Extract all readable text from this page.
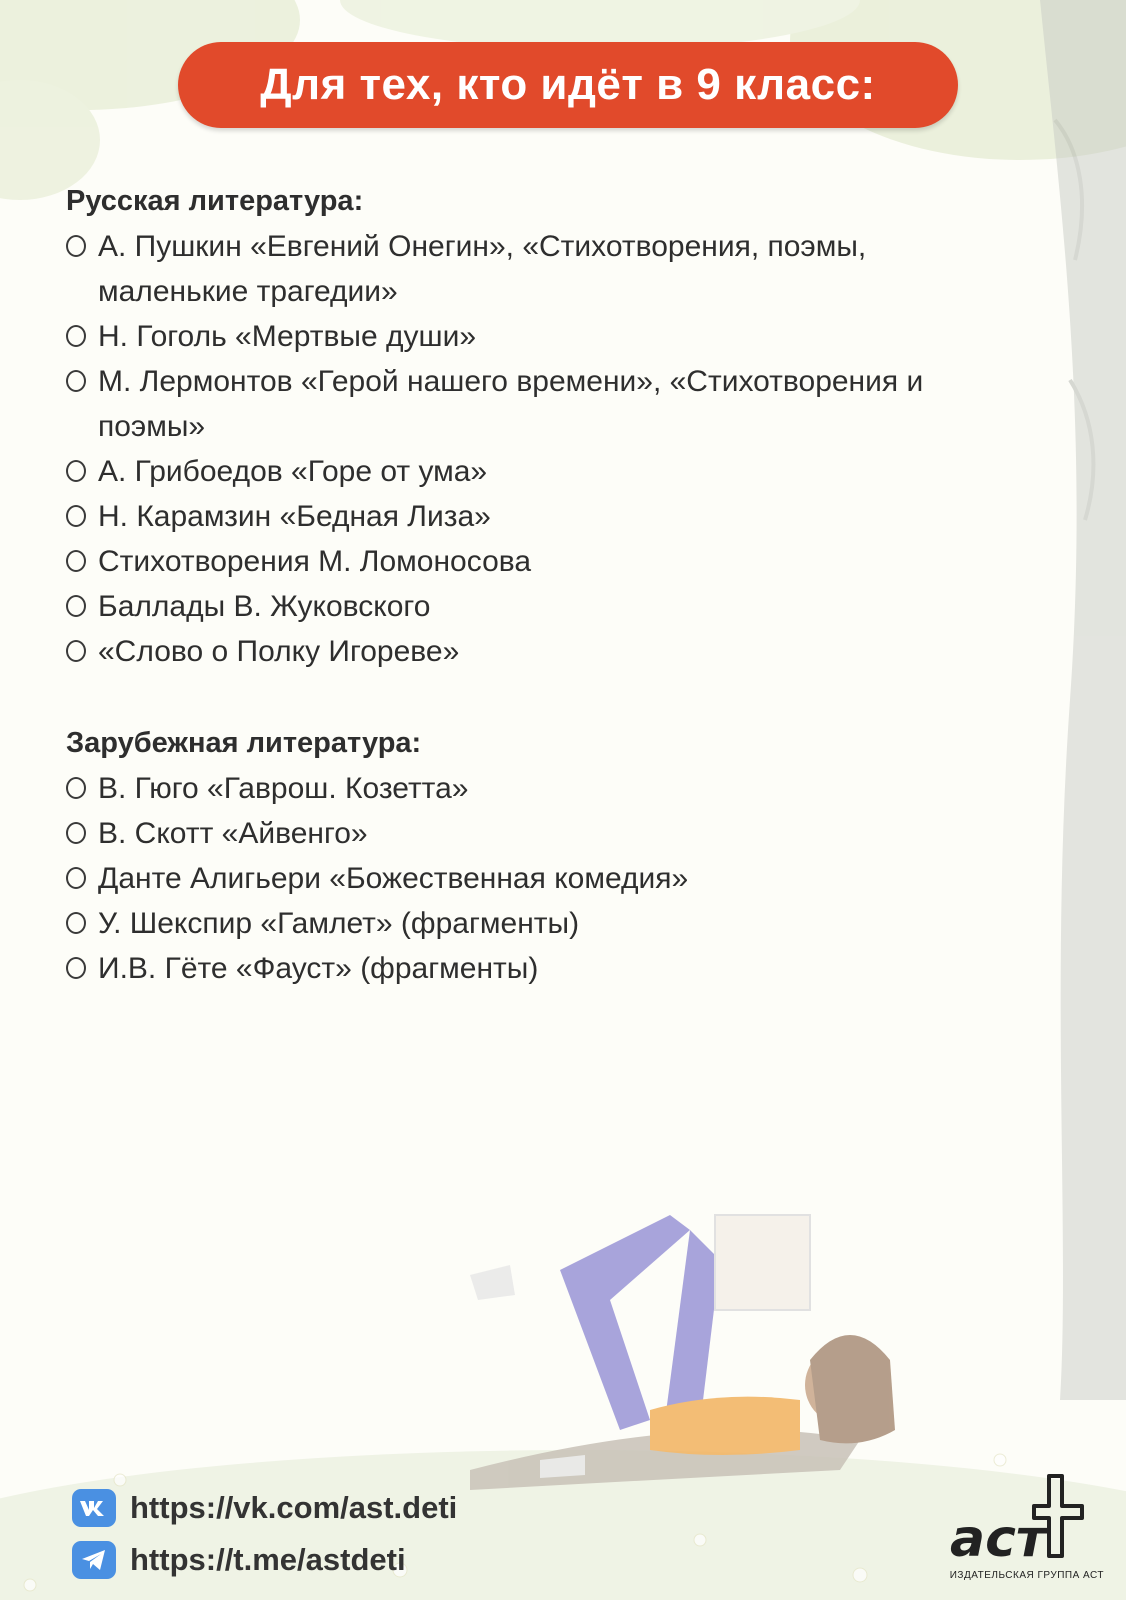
Для тех, кто идёт в 9 класс:

Русская литература:

А. Пушкин «Евгений Онегин», «Стихотворения, поэмы, маленькие трагедии»
Н. Гоголь «Мертвые души»
М. Лермонтов «Герой нашего времени», «Стихотворения и поэмы»
А. Грибоедов «Горе от ума»
Н. Карамзин «Бедная Лиза»
Стихотворения М. Ломоносова
Баллады В. Жуковского
«Слово о Полку Игореве»

Зарубежная литература:

В. Гюго «Гаврош. Козетта»
В. Скотт «Айвенго»
Данте Алигьери «Божественная комедия»
У. Шекспир «Гамлет» (фрагменты)
И.В. Гёте «Фауст» (фрагменты)
https://vk.com/ast.deti
https://t.me/astdeti	аст
ИЗДАТЕЛЬСКАЯ ГРУППА АСТ
